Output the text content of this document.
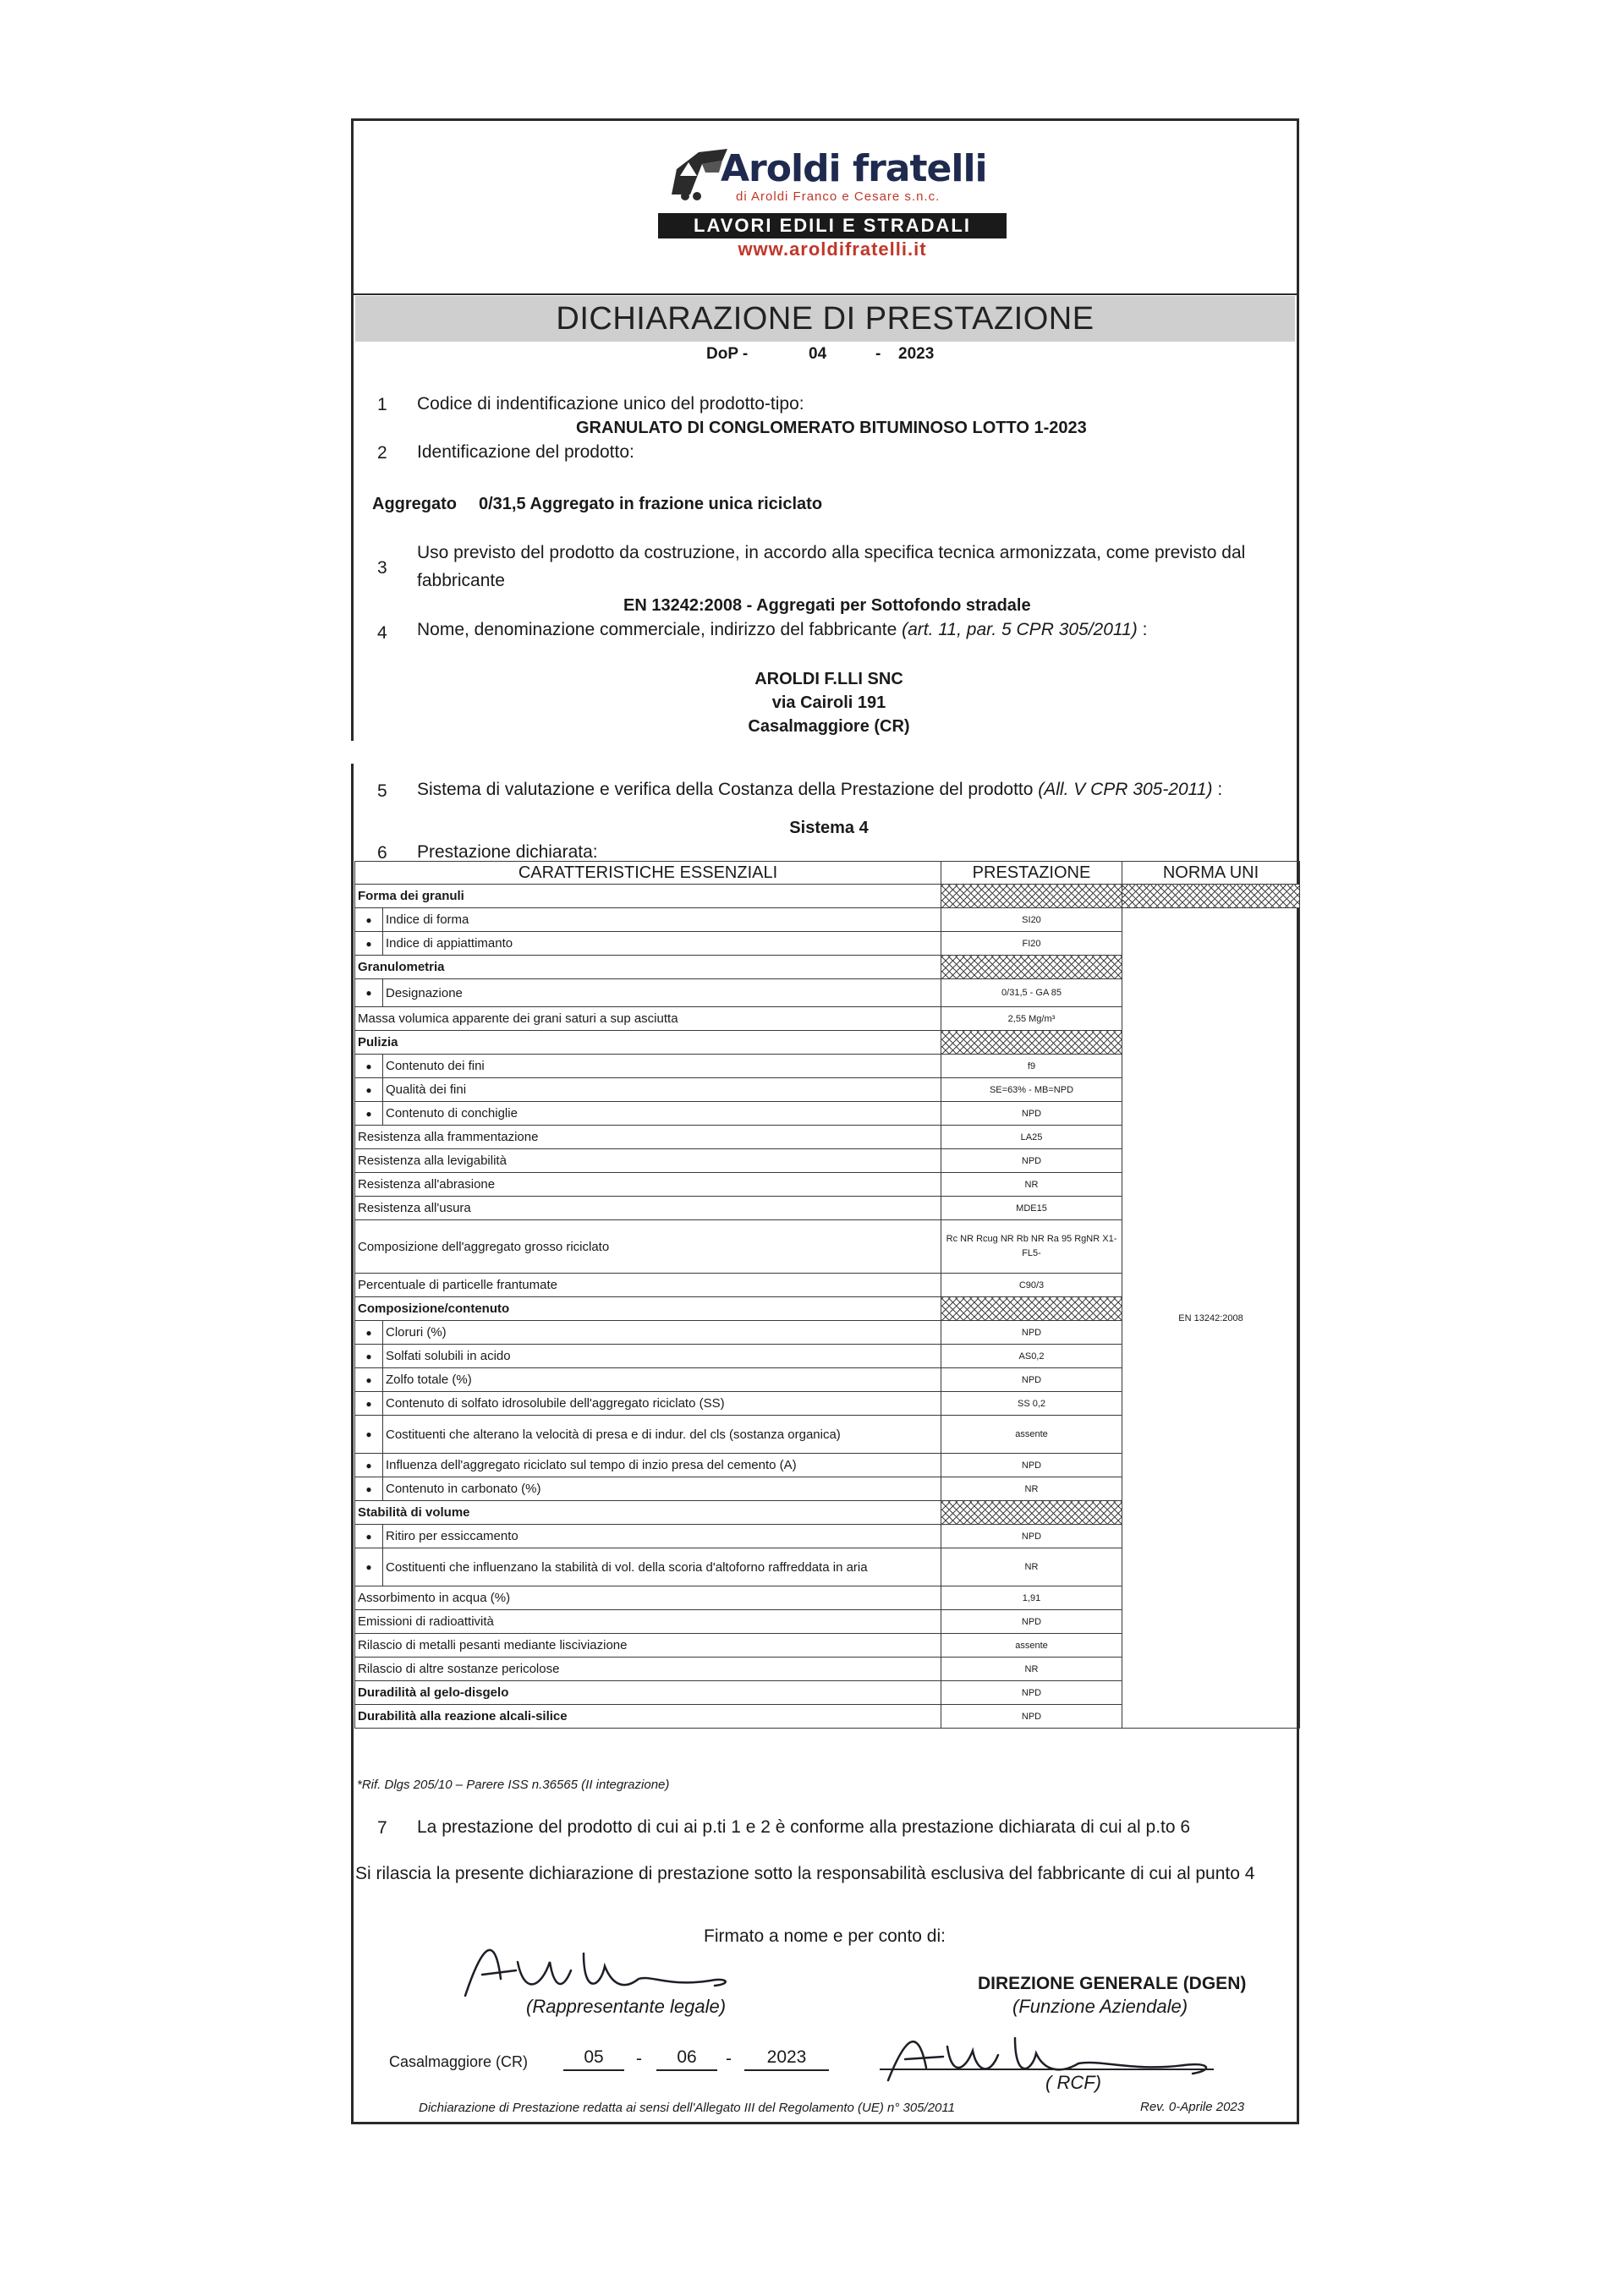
Aroldi fratelli
di Aroldi Franco e Cesare s.n.c.
LAVORI EDILI E STRADALI
www.aroldifratelli.it
DICHIARAZIONE DI PRESTAZIONE
DoP -	04	- 2023
1 Codice di indentificazione unico del prodotto-tipo:
GRANULATO DI CONGLOMERATO BITUMINOSO LOTTO 1-2023
2 Identificazione del prodotto:
Aggregato 0/31,5 Aggregato in frazione unica riciclato
3
Uso previsto del prodotto da costruzione, in accordo alla specifica tecnica armonizzata, come previsto dal
fabbricante
EN 13242:2008 - Aggregati per Sottofondo stradale
4 Nome, denominazione commerciale, indirizzo del fabbricante (art. 11, par. 5 CPR 305/2011) :
AROLDI F.LLI SNC
via Cairoli 191
Casalmaggiore (CR)
5 Sistema di valutazione e verifica della Costanza della Prestazione del prodotto (All. V CPR 305-2011) :
Sistema 4
6 Prestazione dichiarata:
CARATTERISTICHE ESSENZIALI		PRESTAZIONE	NORMA UNI
Forma dei granuli			
●	Indice di forma	SI20	EN 13242:2008
●	Indice di appiattimanto	FI20	
Granulometria			
●	Designazione	0/31,5 - GA 85	
Massa volumica apparente dei grani saturi a sup asciutta		2,55 Mg/m³	
Pulizia			
●	Contenuto dei fini	f9	
●	Qualità dei fini	SE=63% - MB=NPD	
●	Contenuto di conchiglie	NPD	
Resistenza alla frammentazione		LA25	
Resistenza alla levigabilità		NPD	
Resistenza all'abrasione		NR	
Resistenza all'usura		MDE15	
Composizione dell'aggregato grosso riciclato		Rc NR Rcug NR Rb NR Ra 95 RgNR X1- FL5-	
Percentuale di particelle frantumate		C90/3	
Composizione/contenuto			
●	Cloruri (%)	NPD	
●	Solfati solubili in acido	AS0,2	
●	Zolfo totale (%)	NPD	
●	Contenuto di solfato idrosolubile dell'aggregato riciclato (SS)	SS 0,2	
●	Costituenti che alterano la velocità di presa e di indur. del cls (sostanza organica)	assente	
●	Influenza dell'aggregato riciclato sul tempo di inzio presa del cemento (A)	NPD	
●	Contenuto in carbonato (%)	NR	
Stabilità di volume			
●	Ritiro per essiccamento	NPD	
●	Costituenti che influenzano la stabilità di vol. della scoria d'altoforno raffreddata in aria	NR	
Assorbimento in acqua (%)		1,91	
Emissioni di radioattività		NPD	
Rilascio di metalli pesanti mediante lisciviazione		assente	
Rilascio di altre sostanze pericolose		NR	
Duradilità al gelo-disgelo		NPD	
Durabilità alla reazione alcali-silice		NPD	
*Rif. Dlgs 205/10 – Parere ISS n.36565 (II integrazione)
7 La prestazione del prodotto di cui ai p.ti 1 e 2 è conforme alla prestazione dichiarata di cui al p.to 6
Si rilascia la presente dichiarazione di prestazione sotto la responsabilità esclusiva del fabbricante di cui al punto 4
Firmato a nome e per conto di:
(Rappresentante legale)
DIREZIONE GENERALE (DGEN)
(Funzione Aziendale)
Casalmaggiore (CR)	05	-	06	-	2023
( RCF)
Dichiarazione di Prestazione redatta ai sensi dell'Allegato III del Regolamento (UE) n° 305/2011	Rev. 0-Aprile 2023
